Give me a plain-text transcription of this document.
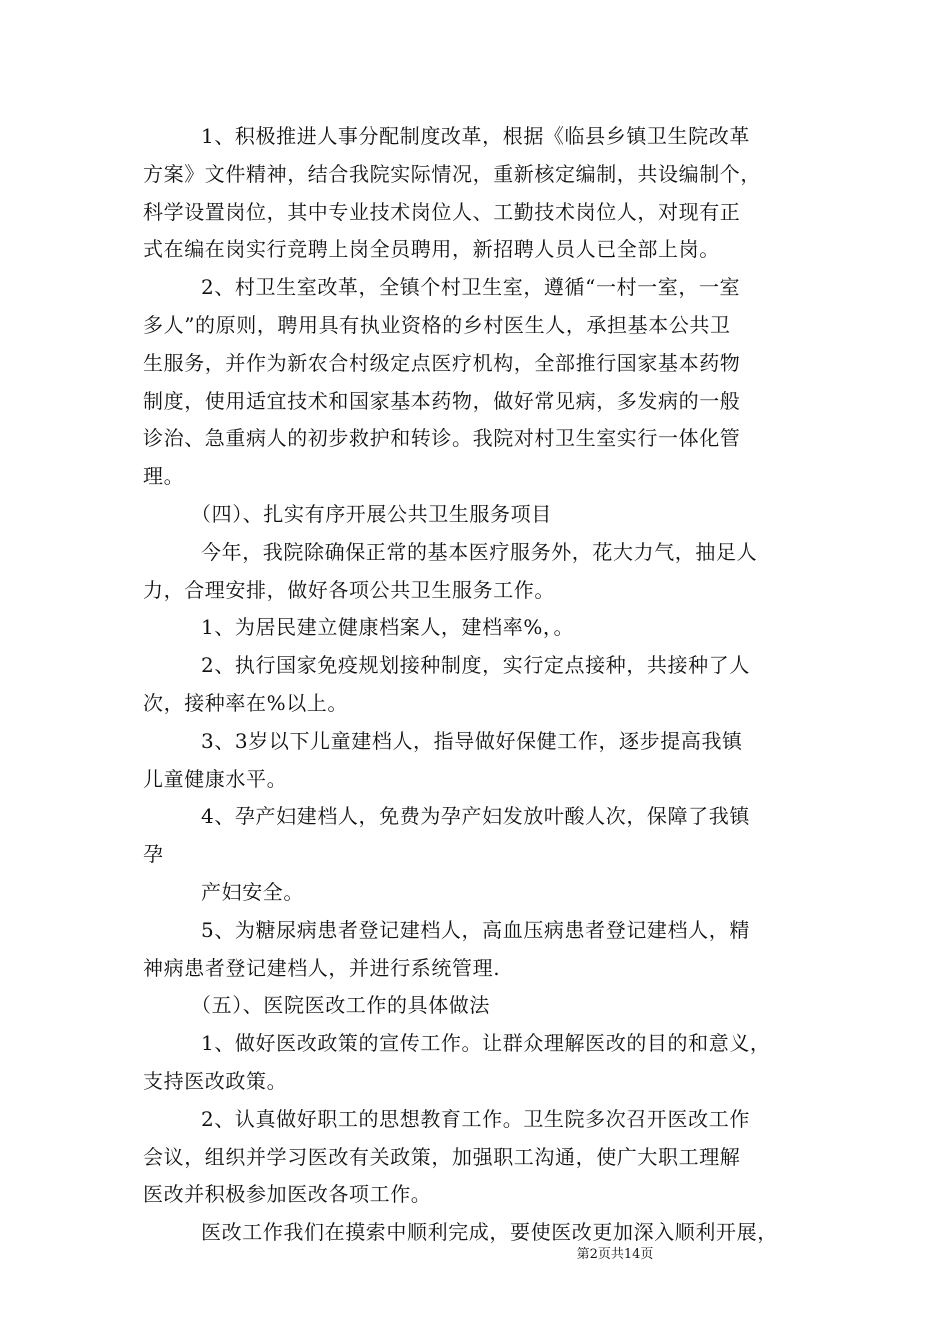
1、积极推进人事分配制度改革，根据《临县乡镇卫生院改革
方案》文件精神，结合我院实际情况，重新核定编制，共设编制个，
科学设置岗位，其中专业技术岗位人、工勤技术岗位人，对现有正
式在编在岗实行竞聘上岗全员聘用，新招聘人员人已全部上岗。
2、村卫生室改革，全镇个村卫生室，遵循“一村一室，一室
多人”的原则，聘用具有执业资格的乡村医生人，承担基本公共卫
生服务，并作为新农合村级定点医疗机构，全部推行国家基本药物
制度，使用适宜技术和国家基本药物，做好常见病，多发病的一般
诊治、急重病人的初步救护和转诊。我院对村卫生室实行一体化管
理。
（四）、扎实有序开展公共卫生服务项目
今年，我院除确保正常的基本医疗服务外，花大力气，抽足人
力，合理安排，做好各项公共卫生服务工作。
1、为居民建立健康档案人，建档率%，。
2、执行国家免疫规划接种制度，实行定点接种，共接种了人
次，接种率在%以上。
3、3岁以下儿童建档人，指导做好保健工作，逐步提高我镇
儿童健康水平。
4、孕产妇建档人，免费为孕产妇发放叶酸人次，保障了我镇
孕
产妇安全。
5、为糖尿病患者登记建档人，高血压病患者登记建档人，精
神病患者登记建档人，并进行系统管理.
（五）、医院医改工作的具体做法
1、做好医改政策的宣传工作。让群众理解医改的目的和意义，
支持医改政策。
2、认真做好职工的思想教育工作。卫生院多次召开医改工作
会议，组织并学习医改有关政策，加强职工沟通，使广大职工理解
医改并积极参加医改各项工作。
医改工作我们在摸索中顺利完成，要使医改更加深入顺利开展，
第2页共14页
